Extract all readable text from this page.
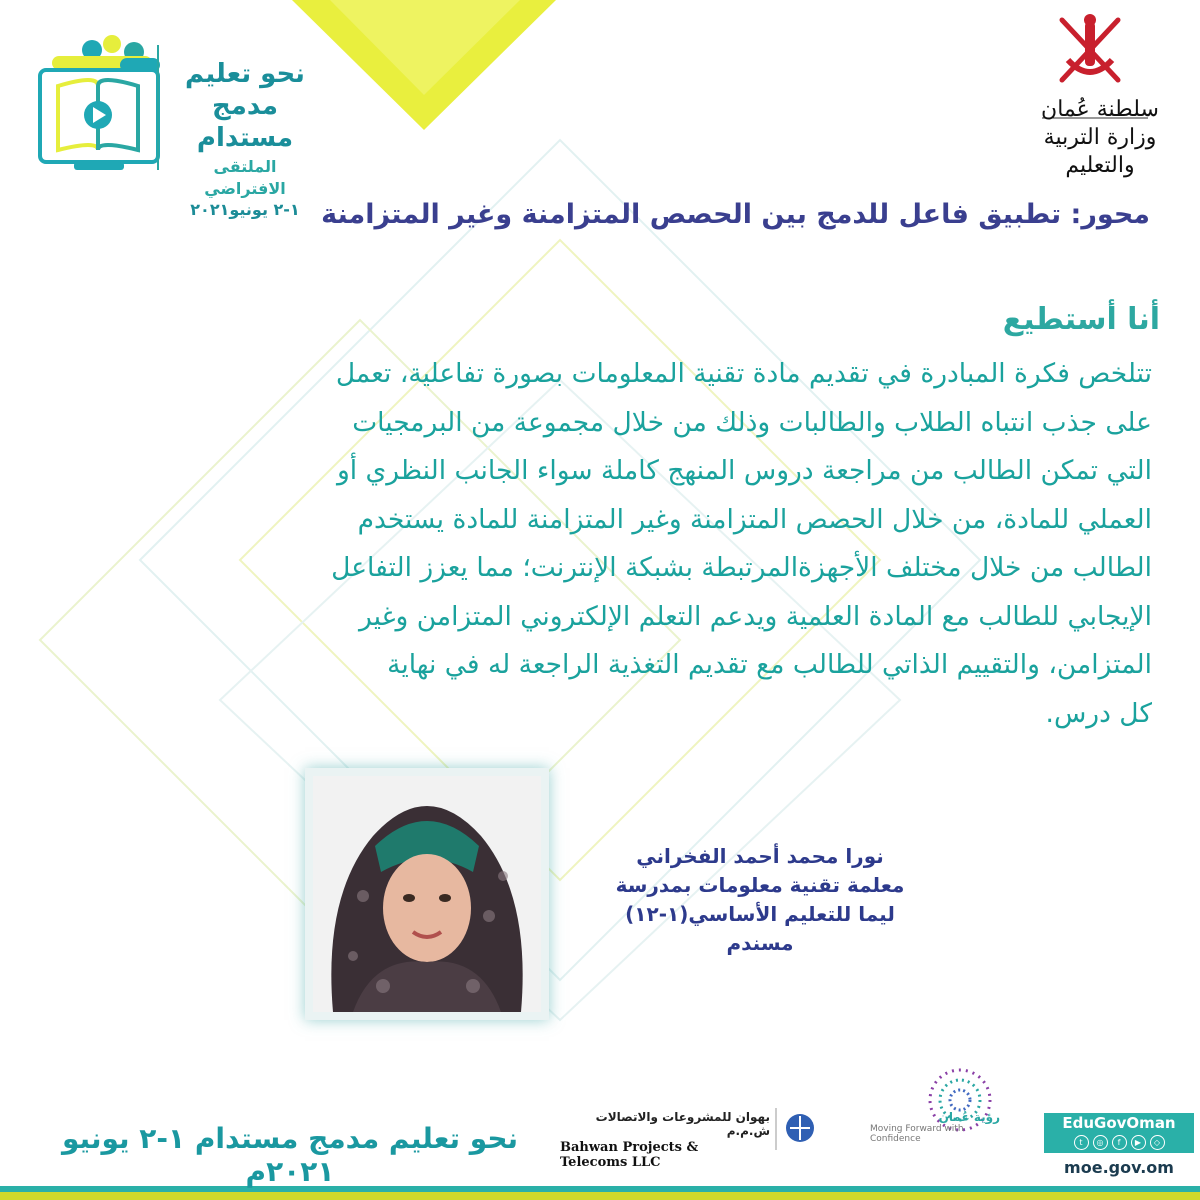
نحو تعليم
مدمج مستدام
الملتقى الافتراضي
١-٢ يونيو٢٠٢١
سلطنة عُمان
وزارة التربية والتعليم
محور: تطبيق فاعل للدمج بين الحصص المتزامنة وغير المتزامنة
أنا أستطيع
تتلخص فكرة المبادرة في تقديم مادة تقنية المعلومات بصورة تفاعلية، تعمل
على جذب انتباه الطلاب والطالبات وذلك من خلال مجموعة من البرمجيات
التي تمكن الطالب من مراجعة دروس المنهج كاملة سواء الجانب النظري أو
العملي للمادة، من خلال الحصص المتزامنة وغير المتزامنة للمادة يستخدم
الطالب من خلال مختلف الأجهزةالمرتبطة بشبكة الإنترنت؛ مما يعزز التفاعل
الإيجابي للطالب مع المادة العلمية ويدعم التعلم الإلكتروني المتزامن وغير
المتزامن، والتقييم الذاتي للطالب مع تقديم التغذية الراجعة له في نهاية
كل درس.
نورا محمد أحمد الفخراني
معلمة تقنية معلومات بمدرسة
ليما للتعليم الأساسي(١-١٢)
مسندم
نحو تعليم مدمج مستدام ١-٢ يونيو ٢٠٢١م
بهوان للمشروعات والاتصالات ش.م.م
Bahwan Projects & Telecoms LLC
رؤية عُمان
Moving Forward with Confidence
EduGovOman
t	◎	f	▶	◇
moe.gov.om
